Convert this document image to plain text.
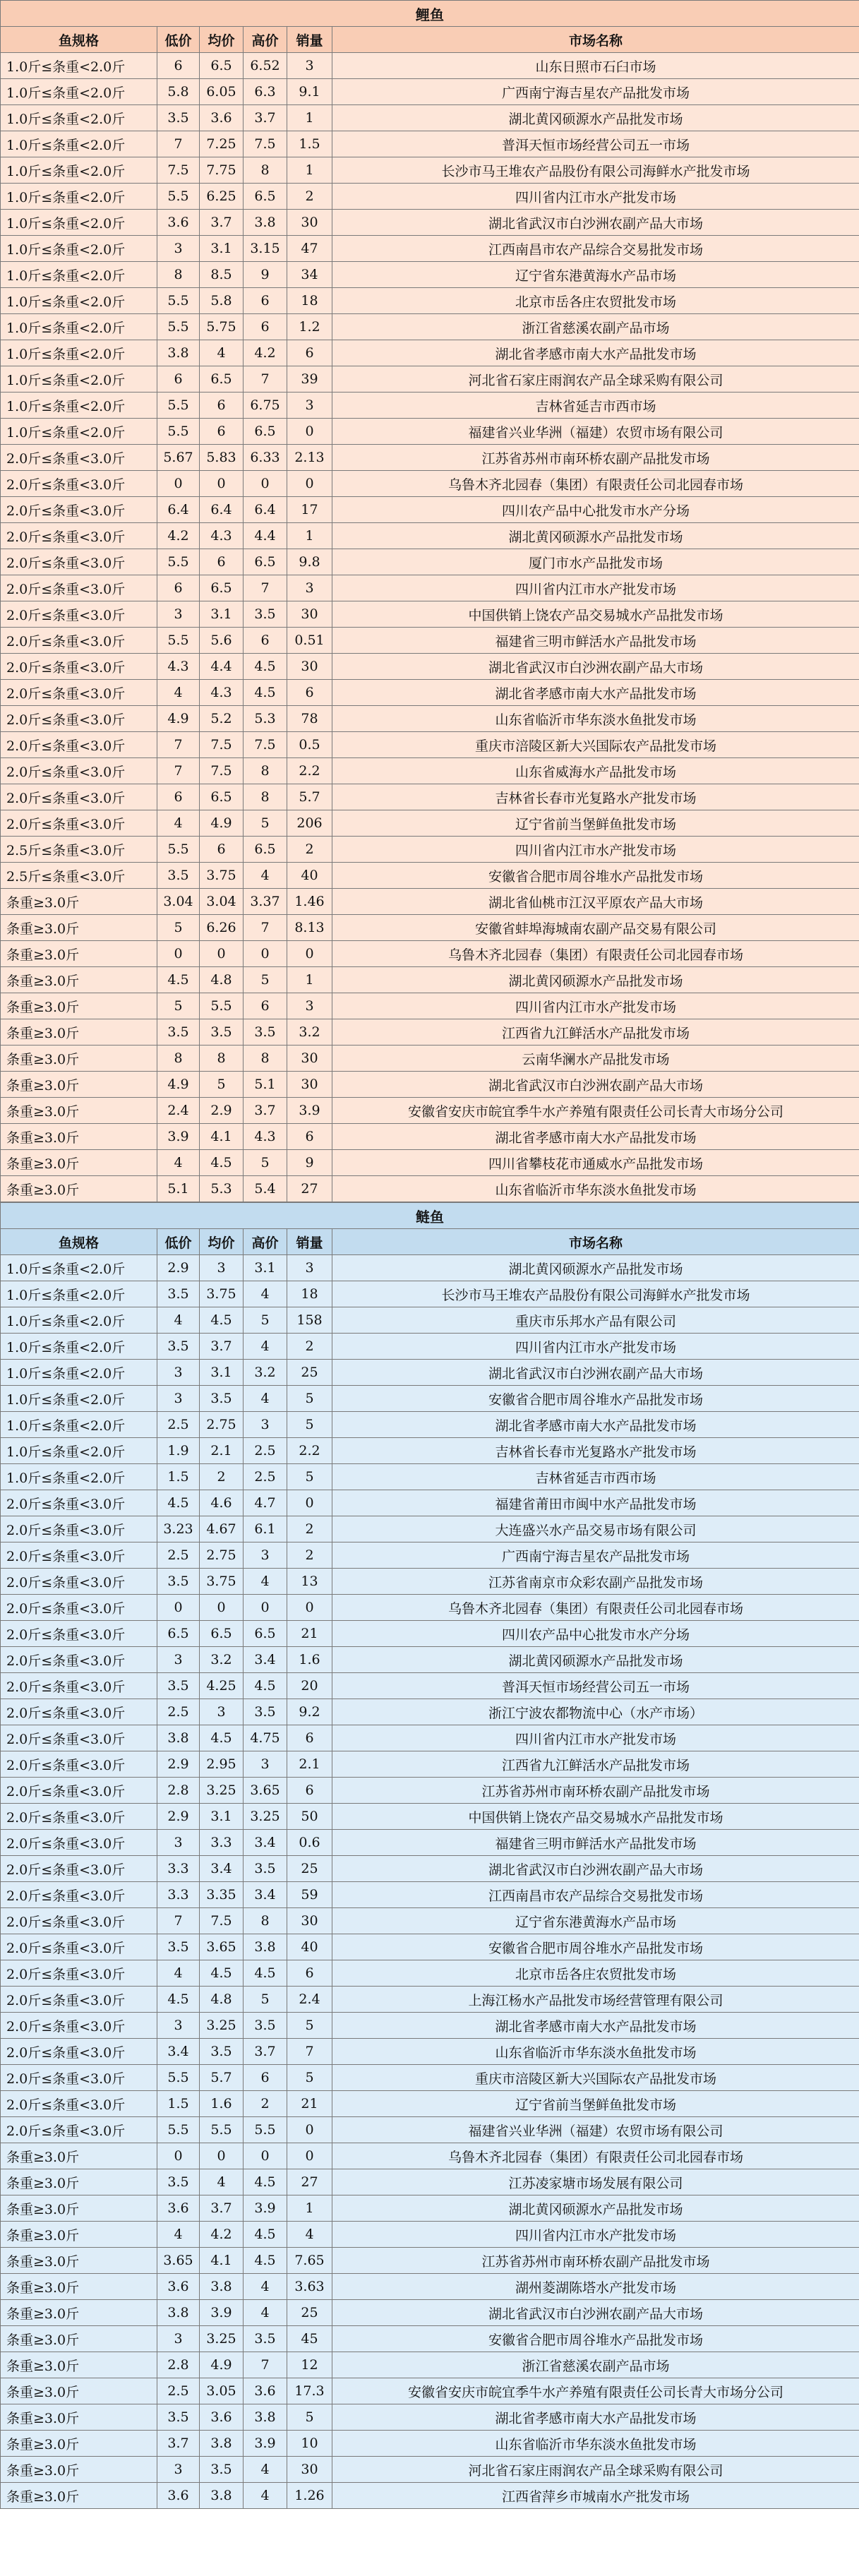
鲤鱼					
鱼规格	低价	均价	高价	销量	市场名称
1.0斤≤条重<2.0斤	6	6.5	6.52	3	山东日照市石臼市场
1.0斤≤条重<2.0斤	5.8	6.05	6.3	9.1	广西南宁海吉星农产品批发市场
1.0斤≤条重<2.0斤	3.5	3.6	3.7	1	湖北黄冈硕源水产品批发市场
1.0斤≤条重<2.0斤	7	7.25	7.5	1.5	普洱天恒市场经营公司五一市场
1.0斤≤条重<2.0斤	7.5	7.75	8	1	长沙市马王堆农产品股份有限公司海鲜水产批发市场
1.0斤≤条重<2.0斤	5.5	6.25	6.5	2	四川省内江市水产批发市场
1.0斤≤条重<2.0斤	3.6	3.7	3.8	30	湖北省武汉市白沙洲农副产品大市场
1.0斤≤条重<2.0斤	3	3.1	3.15	47	江西南昌市农产品综合交易批发市场
1.0斤≤条重<2.0斤	8	8.5	9	34	辽宁省东港黄海水产品市场
1.0斤≤条重<2.0斤	5.5	5.8	6	18	北京市岳各庄农贸批发市场
1.0斤≤条重<2.0斤	5.5	5.75	6	1.2	浙江省慈溪农副产品市场
1.0斤≤条重<2.0斤	3.8	4	4.2	6	湖北省孝感市南大水产品批发市场
1.0斤≤条重<2.0斤	6	6.5	7	39	河北省石家庄雨润农产品全球采购有限公司
1.0斤≤条重<2.0斤	5.5	6	6.75	3	吉林省延吉市西市场
1.0斤≤条重<2.0斤	5.5	6	6.5	0	福建省兴业华洲（福建）农贸市场有限公司
2.0斤≤条重<3.0斤	5.67	5.83	6.33	2.13	江苏省苏州市南环桥农副产品批发市场
2.0斤≤条重<3.0斤	0	0	0	0	乌鲁木齐北园春（集团）有限责任公司北园春市场
2.0斤≤条重<3.0斤	6.4	6.4	6.4	17	四川农产品中心批发市水产分场
2.0斤≤条重<3.0斤	4.2	4.3	4.4	1	湖北黄冈硕源水产品批发市场
2.0斤≤条重<3.0斤	5.5	6	6.5	9.8	厦门市水产品批发市场
2.0斤≤条重<3.0斤	6	6.5	7	3	四川省内江市水产批发市场
2.0斤≤条重<3.0斤	3	3.1	3.5	30	中国供销上饶农产品交易城水产品批发市场
2.0斤≤条重<3.0斤	5.5	5.6	6	0.51	福建省三明市鲜活水产品批发市场
2.0斤≤条重<3.0斤	4.3	4.4	4.5	30	湖北省武汉市白沙洲农副产品大市场
2.0斤≤条重<3.0斤	4	4.3	4.5	6	湖北省孝感市南大水产品批发市场
2.0斤≤条重<3.0斤	4.9	5.2	5.3	78	山东省临沂市华东淡水鱼批发市场
2.0斤≤条重<3.0斤	7	7.5	7.5	0.5	重庆市涪陵区新大兴国际农产品批发市场
2.0斤≤条重<3.0斤	7	7.5	8	2.2	山东省威海水产品批发市场
2.0斤≤条重<3.0斤	6	6.5	8	5.7	吉林省长春市光复路水产批发市场
2.0斤≤条重<3.0斤	4	4.9	5	206	辽宁省前当堡鲜鱼批发市场
2.5斤≤条重<3.0斤	5.5	6	6.5	2	四川省内江市水产批发市场
2.5斤≤条重<3.0斤	3.5	3.75	4	40	安徽省合肥市周谷堆水产品批发市场
条重≥3.0斤	3.04	3.04	3.37	1.46	湖北省仙桃市江汉平原农产品大市场
条重≥3.0斤	5	6.26	7	8.13	安徽省蚌埠海城南农副产品交易有限公司
条重≥3.0斤	0	0	0	0	乌鲁木齐北园春（集团）有限责任公司北园春市场
条重≥3.0斤	4.5	4.8	5	1	湖北黄冈硕源水产品批发市场
条重≥3.0斤	5	5.5	6	3	四川省内江市水产批发市场
条重≥3.0斤	3.5	3.5	3.5	3.2	江西省九江鲜活水产品批发市场
条重≥3.0斤	8	8	8	30	云南华澜水产品批发市场
条重≥3.0斤	4.9	5	5.1	30	湖北省武汉市白沙洲农副产品大市场
条重≥3.0斤	2.4	2.9	3.7	3.9	安徽省安庆市皖宜季牛水产养殖有限责任公司长青大市场分公司
条重≥3.0斤	3.9	4.1	4.3	6	湖北省孝感市南大水产品批发市场
条重≥3.0斤	4	4.5	5	9	四川省攀枝花市通威水产品批发市场
条重≥3.0斤	5.1	5.3	5.4	27	山东省临沂市华东淡水鱼批发市场
鲢鱼					
鱼规格	低价	均价	高价	销量	市场名称
1.0斤≤条重<2.0斤	2.9	3	3.1	3	湖北黄冈硕源水产品批发市场
1.0斤≤条重<2.0斤	3.5	3.75	4	18	长沙市马王堆农产品股份有限公司海鲜水产批发市场
1.0斤≤条重<2.0斤	4	4.5	5	158	重庆市乐邦水产品有限公司
1.0斤≤条重<2.0斤	3.5	3.7	4	2	四川省内江市水产批发市场
1.0斤≤条重<2.0斤	3	3.1	3.2	25	湖北省武汉市白沙洲农副产品大市场
1.0斤≤条重<2.0斤	3	3.5	4	5	安徽省合肥市周谷堆水产品批发市场
1.0斤≤条重<2.0斤	2.5	2.75	3	5	湖北省孝感市南大水产品批发市场
1.0斤≤条重<2.0斤	1.9	2.1	2.5	2.2	吉林省长春市光复路水产批发市场
1.0斤≤条重<2.0斤	1.5	2	2.5	5	吉林省延吉市西市场
2.0斤≤条重<3.0斤	4.5	4.6	4.7	0	福建省莆田市闽中水产品批发市场
2.0斤≤条重<3.0斤	3.23	4.67	6.1	2	大连盛兴水产品交易市场有限公司
2.0斤≤条重<3.0斤	2.5	2.75	3	2	广西南宁海吉星农产品批发市场
2.0斤≤条重<3.0斤	3.5	3.75	4	13	江苏省南京市众彩农副产品批发市场
2.0斤≤条重<3.0斤	0	0	0	0	乌鲁木齐北园春（集团）有限责任公司北园春市场
2.0斤≤条重<3.0斤	6.5	6.5	6.5	21	四川农产品中心批发市水产分场
2.0斤≤条重<3.0斤	3	3.2	3.4	1.6	湖北黄冈硕源水产品批发市场
2.0斤≤条重<3.0斤	3.5	4.25	4.5	20	普洱天恒市场经营公司五一市场
2.0斤≤条重<3.0斤	2.5	3	3.5	9.2	浙江宁波农都物流中心（水产市场）
2.0斤≤条重<3.0斤	3.8	4.5	4.75	6	四川省内江市水产批发市场
2.0斤≤条重<3.0斤	2.9	2.95	3	2.1	江西省九江鲜活水产品批发市场
2.0斤≤条重<3.0斤	2.8	3.25	3.65	6	江苏省苏州市南环桥农副产品批发市场
2.0斤≤条重<3.0斤	2.9	3.1	3.25	50	中国供销上饶农产品交易城水产品批发市场
2.0斤≤条重<3.0斤	3	3.3	3.4	0.6	福建省三明市鲜活水产品批发市场
2.0斤≤条重<3.0斤	3.3	3.4	3.5	25	湖北省武汉市白沙洲农副产品大市场
2.0斤≤条重<3.0斤	3.3	3.35	3.4	59	江西南昌市农产品综合交易批发市场
2.0斤≤条重<3.0斤	7	7.5	8	30	辽宁省东港黄海水产品市场
2.0斤≤条重<3.0斤	3.5	3.65	3.8	40	安徽省合肥市周谷堆水产品批发市场
2.0斤≤条重<3.0斤	4	4.5	4.5	6	北京市岳各庄农贸批发市场
2.0斤≤条重<3.0斤	4.5	4.8	5	2.4	上海江杨水产品批发市场经营管理有限公司
2.0斤≤条重<3.0斤	3	3.25	3.5	5	湖北省孝感市南大水产品批发市场
2.0斤≤条重<3.0斤	3.4	3.5	3.7	7	山东省临沂市华东淡水鱼批发市场
2.0斤≤条重<3.0斤	5.5	5.7	6	5	重庆市涪陵区新大兴国际农产品批发市场
2.0斤≤条重<3.0斤	1.5	1.6	2	21	辽宁省前当堡鲜鱼批发市场
2.0斤≤条重<3.0斤	5.5	5.5	5.5	0	福建省兴业华洲（福建）农贸市场有限公司
条重≥3.0斤	0	0	0	0	乌鲁木齐北园春（集团）有限责任公司北园春市场
条重≥3.0斤	3.5	4	4.5	27	江苏凌家塘市场发展有限公司
条重≥3.0斤	3.6	3.7	3.9	1	湖北黄冈硕源水产品批发市场
条重≥3.0斤	4	4.2	4.5	4	四川省内江市水产批发市场
条重≥3.0斤	3.65	4.1	4.5	7.65	江苏省苏州市南环桥农副产品批发市场
条重≥3.0斤	3.6	3.8	4	3.63	湖州菱湖陈塔水产批发市场
条重≥3.0斤	3.8	3.9	4	25	湖北省武汉市白沙洲农副产品大市场
条重≥3.0斤	3	3.25	3.5	45	安徽省合肥市周谷堆水产品批发市场
条重≥3.0斤	2.8	4.9	7	12	浙江省慈溪农副产品市场
条重≥3.0斤	2.5	3.05	3.6	17.3	安徽省安庆市皖宜季牛水产养殖有限责任公司长青大市场分公司
条重≥3.0斤	3.5	3.6	3.8	5	湖北省孝感市南大水产品批发市场
条重≥3.0斤	3.7	3.8	3.9	10	山东省临沂市华东淡水鱼批发市场
条重≥3.0斤	3	3.5	4	30	河北省石家庄雨润农产品全球采购有限公司
条重≥3.0斤	3.6	3.8	4	1.26	江西省萍乡市城南水产批发市场
